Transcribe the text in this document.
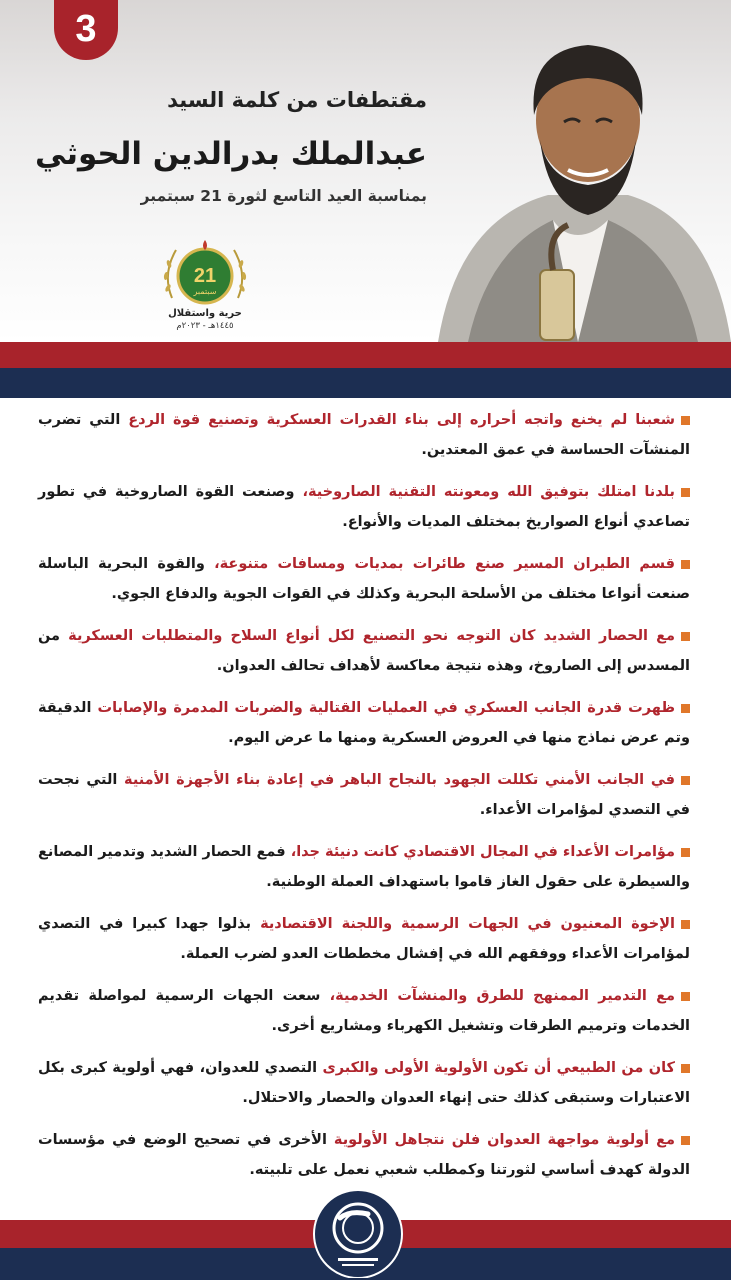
3
مقتطفات من كلمة السيد
عبدالملك بدرالدين الحوثي
بمناسبة العيد التاسع لثورة 21 سبتمبر
21
سبتمبر
حرية واستقلال
١٤٤٥هـ - ٢٠٢٣م
شعبنا لم يخنع واتجه أحراره إلى بناء القدرات العسكرية وتصنيع قوة الردع التي تضرب المنشآت الحساسة في عمق المعتدين.
بلدنا امتلك بتوفيق الله ومعونته التقنية الصاروخية، وصنعت القوة الصاروخية في تطور تصاعدي أنواع الصواريخ بمختلف المديات والأنواع.
قسم الطيران المسير صنع طائرات بمديات ومسافات متنوعة، والقوة البحرية الباسلة صنعت أنواعا مختلف من الأسلحة البحرية وكذلك في القوات الجوية والدفاع الجوي.
مع الحصار الشديد كان التوجه نحو التصنيع لكل أنواع السلاح والمتطلبات العسكرية من المسدس إلى الصاروخ، وهذه نتيجة معاكسة لأهداف تحالف العدوان.
ظهرت قدرة الجانب العسكري في العمليات القتالية والضربات المدمرة والإصابات الدقيقة وتم عرض نماذج منها في العروض العسكرية ومنها ما عرض اليوم.
في الجانب الأمني تكللت الجهود بالنجاح الباهر في إعادة بناء الأجهزة الأمنية التي نجحت في التصدي لمؤامرات الأعداء.
مؤامرات الأعداء في المجال الاقتصادي كانت دنيئة جدا، فمع الحصار الشديد وتدمير المصانع والسيطرة على حقول الغاز قاموا باستهداف العملة الوطنية.
الإخوة المعنيون في الجهات الرسمية واللجنة الاقتصادية بذلوا جهدا كبيرا في التصدي لمؤامرات الأعداء ووفقهم الله في إفشال مخططات العدو لضرب العملة.
مع التدمير الممنهج للطرق والمنشآت الخدمية، سعت الجهات الرسمية لمواصلة تقديم الخدمات وترميم الطرقات وتشغيل الكهرباء ومشاريع أخرى.
كان من الطبيعي أن تكون الأولوية الأولى والكبرى التصدي للعدوان، فهي أولوية كبرى بكل الاعتبارات وستبقى كذلك حتى إنهاء العدوان والحصار والاحتلال.
مع أولوية مواجهة العدوان فلن نتجاهل الأولوية الأخرى في تصحيح الوضع في مؤسسات الدولة كهدف أساسي لثورتنا وكمطلب شعبي نعمل على تلبيته.
